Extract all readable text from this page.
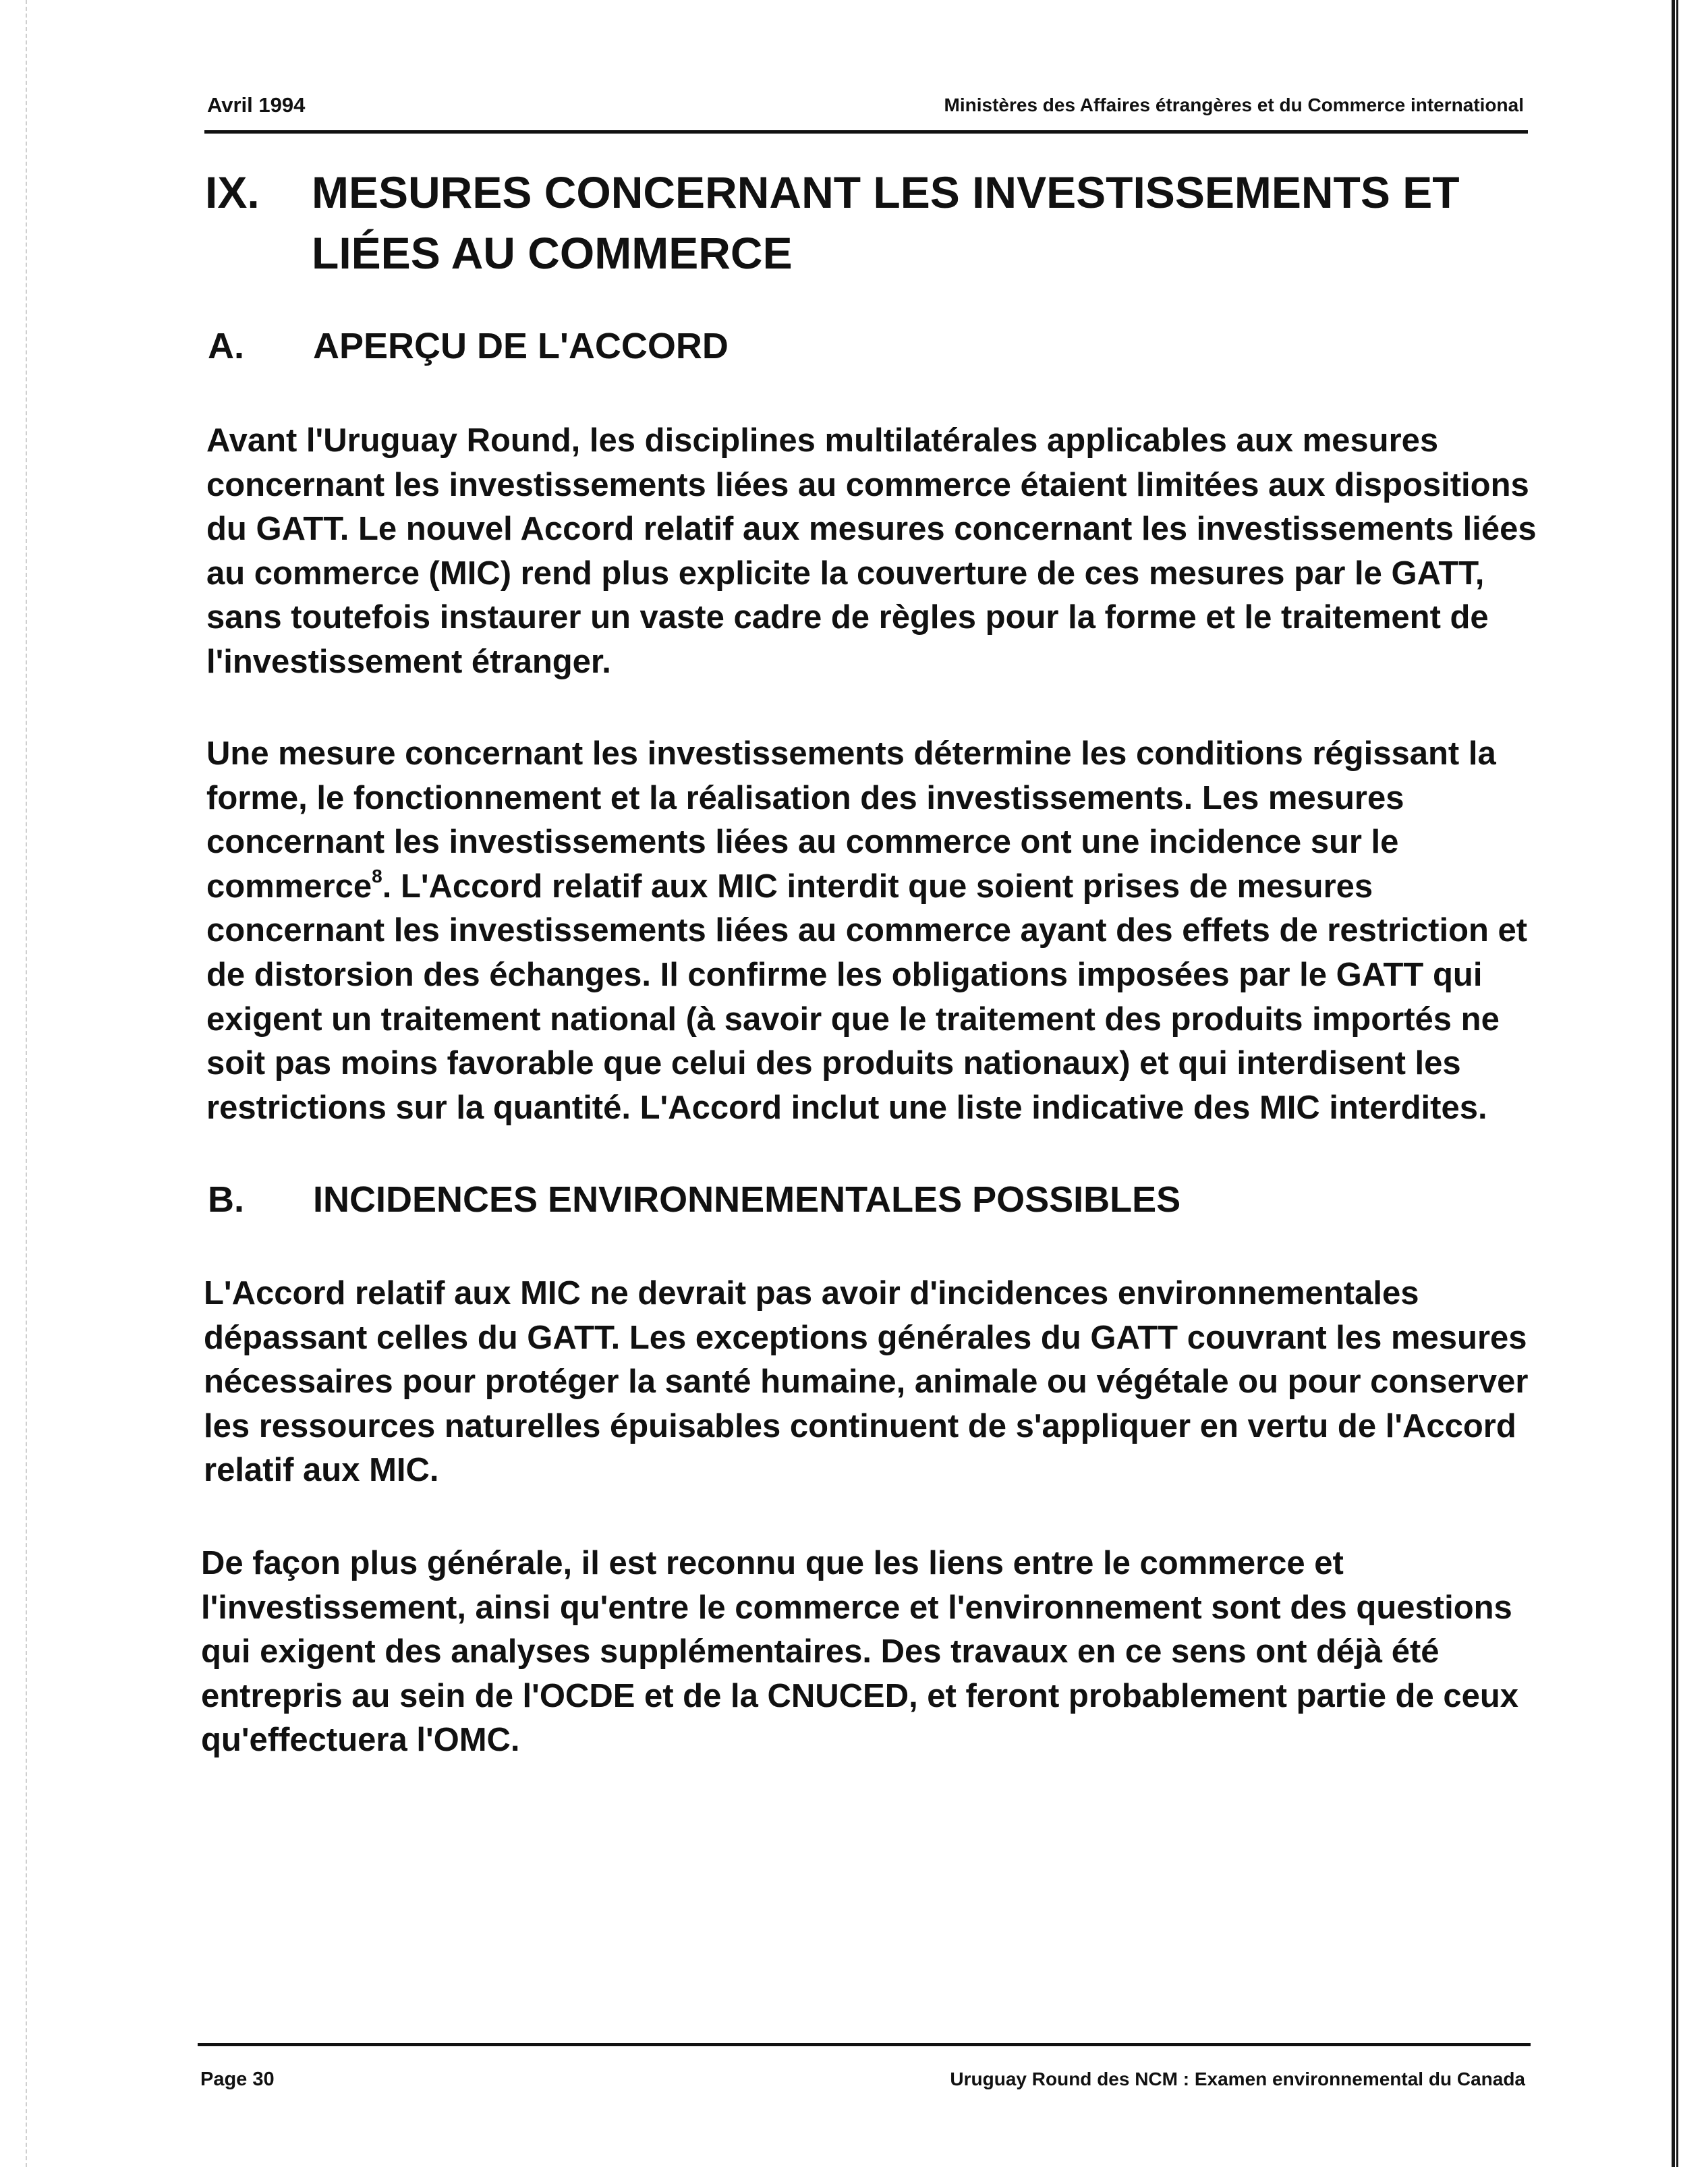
Avril 1994	Ministères des Affaires étrangères et du Commerce international
IX. MESURES CONCERNANT LES INVESTISSEMENTS ET LIÉES AU COMMERCE
A. APERÇU DE L'ACCORD

Avant l'Uruguay Round, les disciplines multilatérales applicables aux mesures concernant les investissements liées au commerce étaient limitées aux dispositions du GATT. Le nouvel Accord relatif aux mesures concernant les investissements liées au commerce (MIC) rend plus explicite la couverture de ces mesures par le GATT, sans toutefois instaurer un vaste cadre de règles pour la forme et le traitement de l'investissement étranger.

Une mesure concernant les investissements détermine les conditions régissant la forme, le fonctionnement et la réalisation des investissements. Les mesures concernant les investissements liées au commerce ont une incidence sur le commerce$^8$. L'Accord relatif aux MIC interdit que soient prises de mesures concernant les investissements liées au commerce ayant des effets de restriction et de distorsion des échanges. Il confirme les obligations imposées par le GATT qui exigent un traitement national (à savoir que le traitement des produits importés ne soit pas moins favorable que celui des produits nationaux) et qui interdisent les restrictions sur la quantité. L'Accord inclut une liste indicative des MIC interdites.

B. INCIDENCES ENVIRONNEMENTALES POSSIBLES

L'Accord relatif aux MIC ne devrait pas avoir d'incidences environnementales dépassant celles du GATT. Les exceptions générales du GATT couvrant les mesures nécessaires pour protéger la santé humaine, animale ou végétale ou pour conserver les ressources naturelles épuisables continuent de s'appliquer en vertu de l'Accord relatif aux MIC.

De façon plus générale, il est reconnu que les liens entre le commerce et l'investissement, ainsi qu'entre le commerce et l'environnement sont des questions qui exigent des analyses supplémentaires. Des travaux en ce sens ont déjà été entrepris au sein de l'OCDE et de la CNUCED, et feront probablement partie de ceux qu'effectuera l'OMC.

Page 30	Uruguay Round des NCM : Examen environnemental du Canada
